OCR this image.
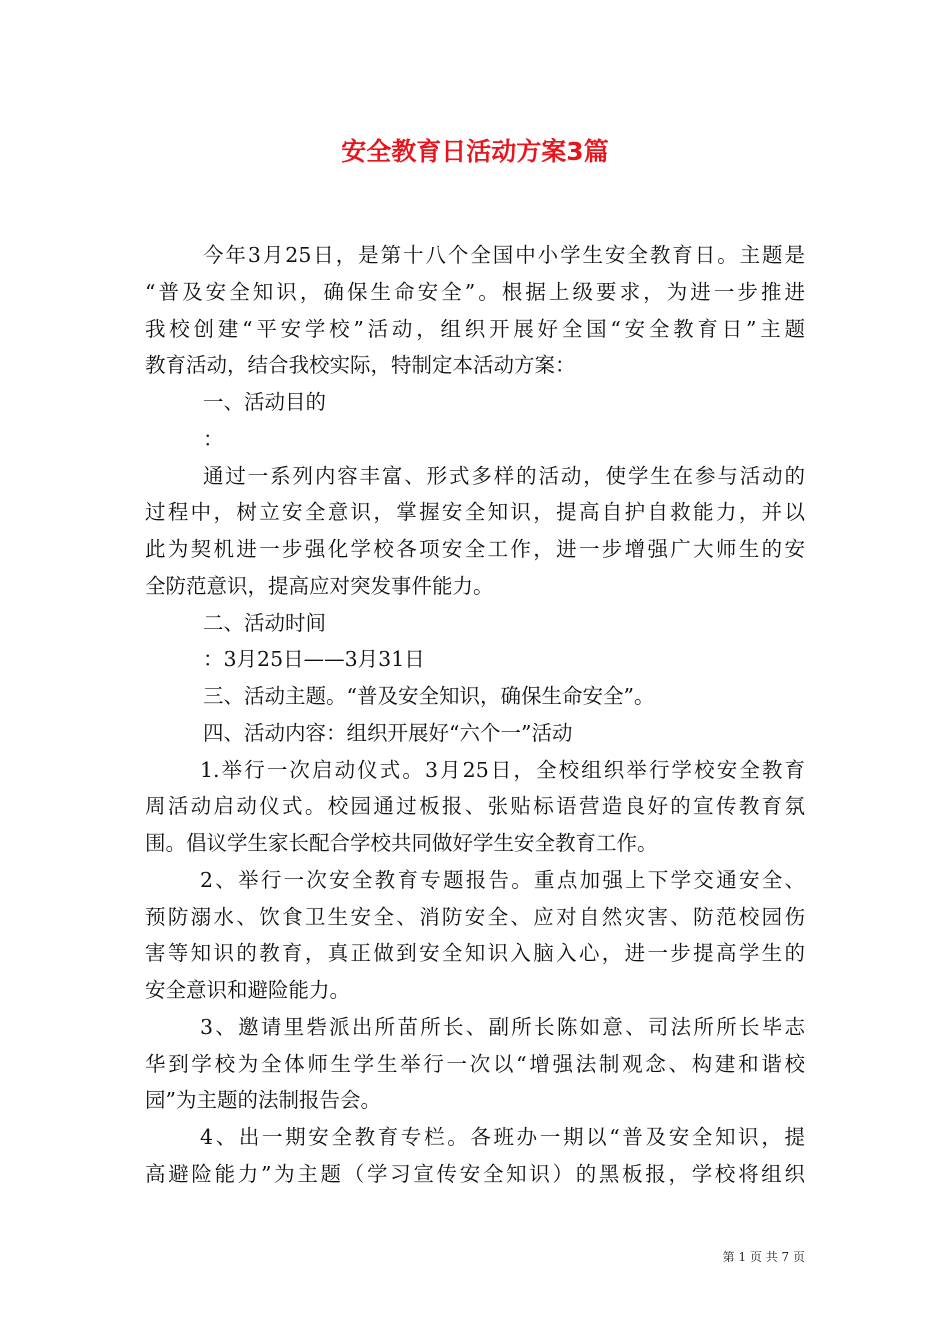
安全教育日活动方案3篇
今年3月25日，是第十八个全国中小学生安全教育日。主题是
“普及安全知识，确保生命安全”。根据上级要求，为进一步推进
我校创建“平安学校”活动，组织开展好全国“安全教育日”主题
教育活动，结合我校实际，特制定本活动方案：
一、活动目的
：
通过一系列内容丰富、形式多样的活动，使学生在参与活动的
过程中，树立安全意识，掌握安全知识，提高自护自救能力，并以
此为契机进一步强化学校各项安全工作，进一步增强广大师生的安
全防范意识，提高应对突发事件能力。
二、活动时间
：3月25日——3月31日
三、活动主题。“普及安全知识，确保生命安全”。
四、活动内容：组织开展好“六个一”活动
1.举行一次启动仪式。3月25日，全校组织举行学校安全教育
周活动启动仪式。校园通过板报、张贴标语营造良好的宣传教育氛
围。倡议学生家长配合学校共同做好学生安全教育工作。
2、举行一次安全教育专题报告。重点加强上下学交通安全、
预防溺水、饮食卫生安全、消防安全、应对自然灾害、防范校园伤
害等知识的教育，真正做到安全知识入脑入心，进一步提高学生的
安全意识和避险能力。
3、邀请里砦派出所苗所长、副所长陈如意、司法所所长毕志
华到学校为全体师生学生举行一次以“增强法制观念、构建和谐校
园”为主题的法制报告会。
4、出一期安全教育专栏。各班办一期以“普及安全知识，提
高避险能力”为主题（学习宣传安全知识）的黑板报，学校将组织
第 1 页 共 7 页
